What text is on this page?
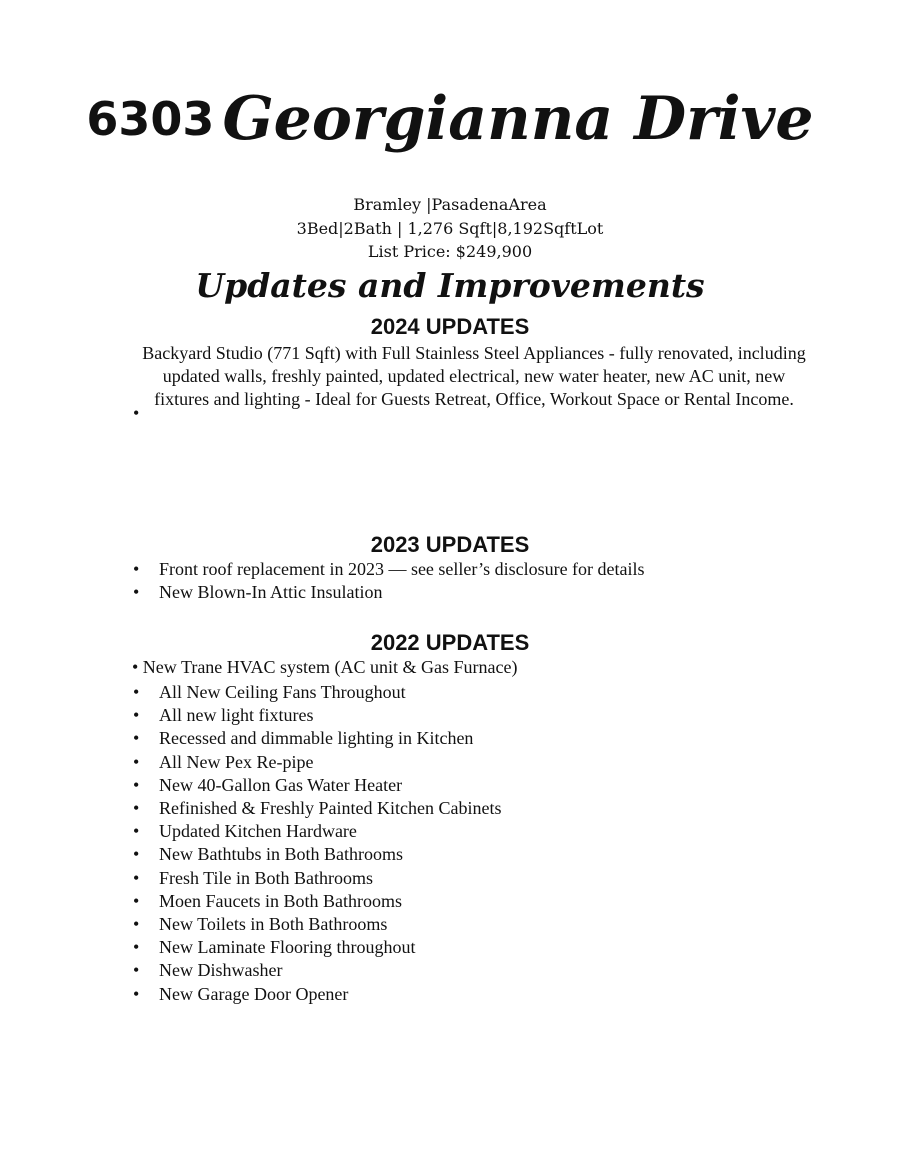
6303 Georgianna Drive
Bramley |PasadenaArea
3Bed|2Bath | 1,276 Sqft|8,192SqftLot
List Price: $249,900
Updates and Improvements
2024 UPDATES
•
Backyard Studio (771 Sqft) with Full Stainless Steel Appliances - fully renovated, including updated walls, freshly painted, updated electrical, new water heater, new AC unit, new fixtures and lighting - Ideal for Guests Retreat, Office, Workout Space or Rental Income.
2023 UPDATES
• Front roof replacement in 2023 — see seller’s disclosure for details
• New Blown-In Attic Insulation
2022 UPDATES
• New Trane HVAC system (AC unit & Gas Furnace)
• All New Ceiling Fans Throughout
• All new light fixtures
• Recessed and dimmable lighting in Kitchen
• All New Pex Re-pipe
• New 40-Gallon Gas Water Heater
• Refinished & Freshly Painted Kitchen Cabinets
• Updated Kitchen Hardware
• New Bathtubs in Both Bathrooms
• Fresh Tile in Both Bathrooms
• Moen Faucets in Both Bathrooms
• New Toilets in Both Bathrooms
• New Laminate Flooring throughout
• New Dishwasher
• New Garage Door Opener
